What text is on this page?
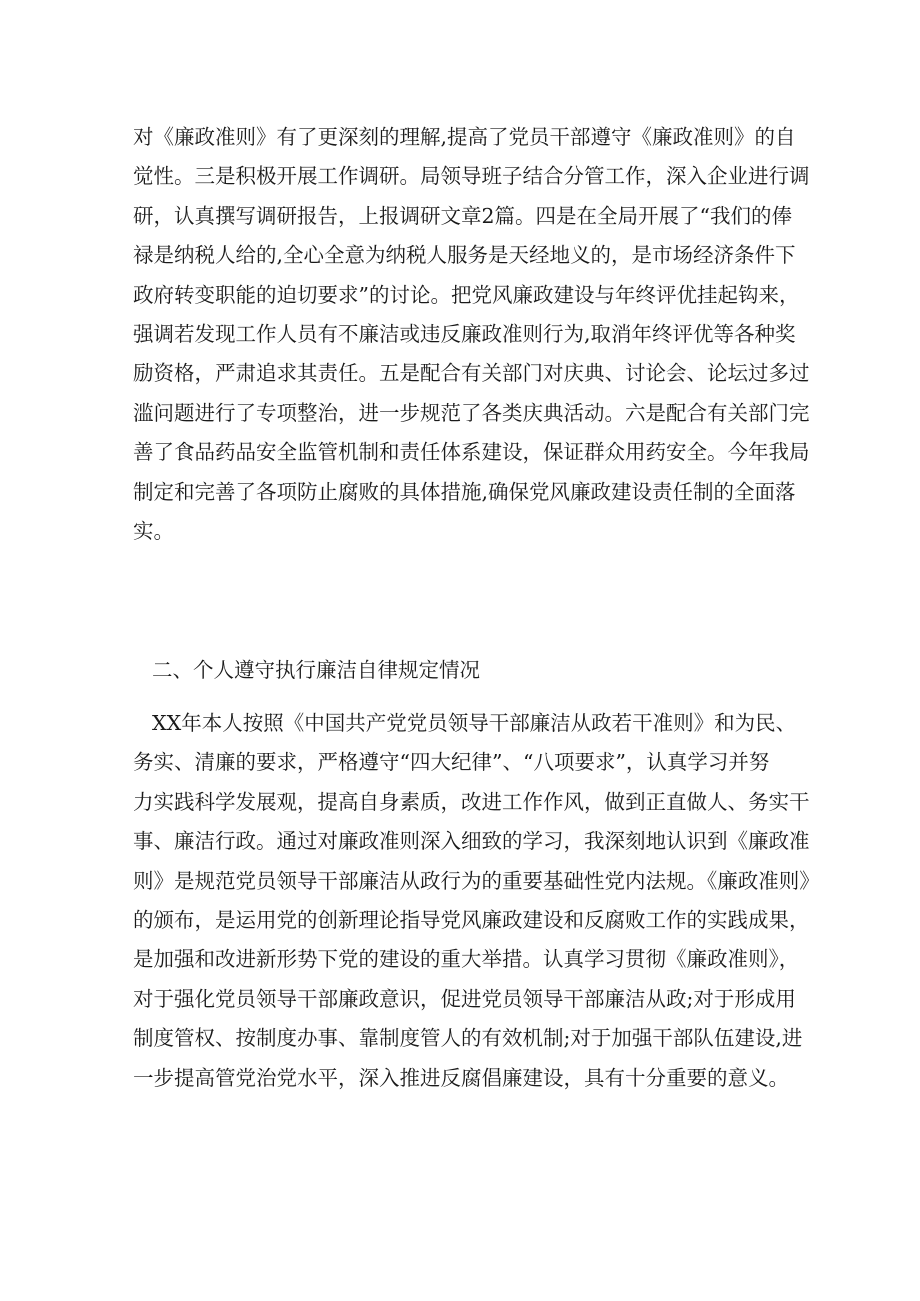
对《廉政准则》有了更深刻的理解,提高了党员干部遵守《廉政准则》的自
觉性。三是积极开展工作调研。局领导班子结合分管工作，深入企业进行调
研，认真撰写调研报告，上报调研文章2篇。四是在全局开展了“我们的俸
禄是纳税人给的,全心全意为纳税人服务是天经地义的，是市场经济条件下
政府转变职能的迫切要求”的讨论。把党风廉政建设与年终评优挂起钩来，
强调若发现工作人员有不廉洁或违反廉政准则行为,取消年终评优等各种奖
励资格，严肃追求其责任。五是配合有关部门对庆典、讨论会、论坛过多过
滥问题进行了专项整治，进一步规范了各类庆典活动。六是配合有关部门完
善了食品药品安全监管机制和责任体系建设，保证群众用药安全。今年我局
制定和完善了各项防止腐败的具体措施,确保党风廉政建设责任制的全面落
实。
二、个人遵守执行廉洁自律规定情况
XX年本人按照《中国共产党党员领导干部廉洁从政若干准则》和为民、
务实、清廉的要求，严格遵守“四大纪律”、“八项要求”，认真学习并努
力实践科学发展观，提高自身素质，改进工作作风，做到正直做人、务实干
事、廉洁行政。通过对廉政准则深入细致的学习，我深刻地认识到《廉政准
则》是规范党员领导干部廉洁从政行为的重要基础性党内法规。《廉政准则》
的颁布，是运用党的创新理论指导党风廉政建设和反腐败工作的实践成果，
是加强和改进新形势下党的建设的重大举措。认真学习贯彻《廉政准则》，
对于强化党员领导干部廉政意识，促进党员领导干部廉洁从政;对于形成用
制度管权、按制度办事、靠制度管人的有效机制;对于加强干部队伍建设,进
一步提高管党治党水平，深入推进反腐倡廉建设，具有十分重要的意义。
